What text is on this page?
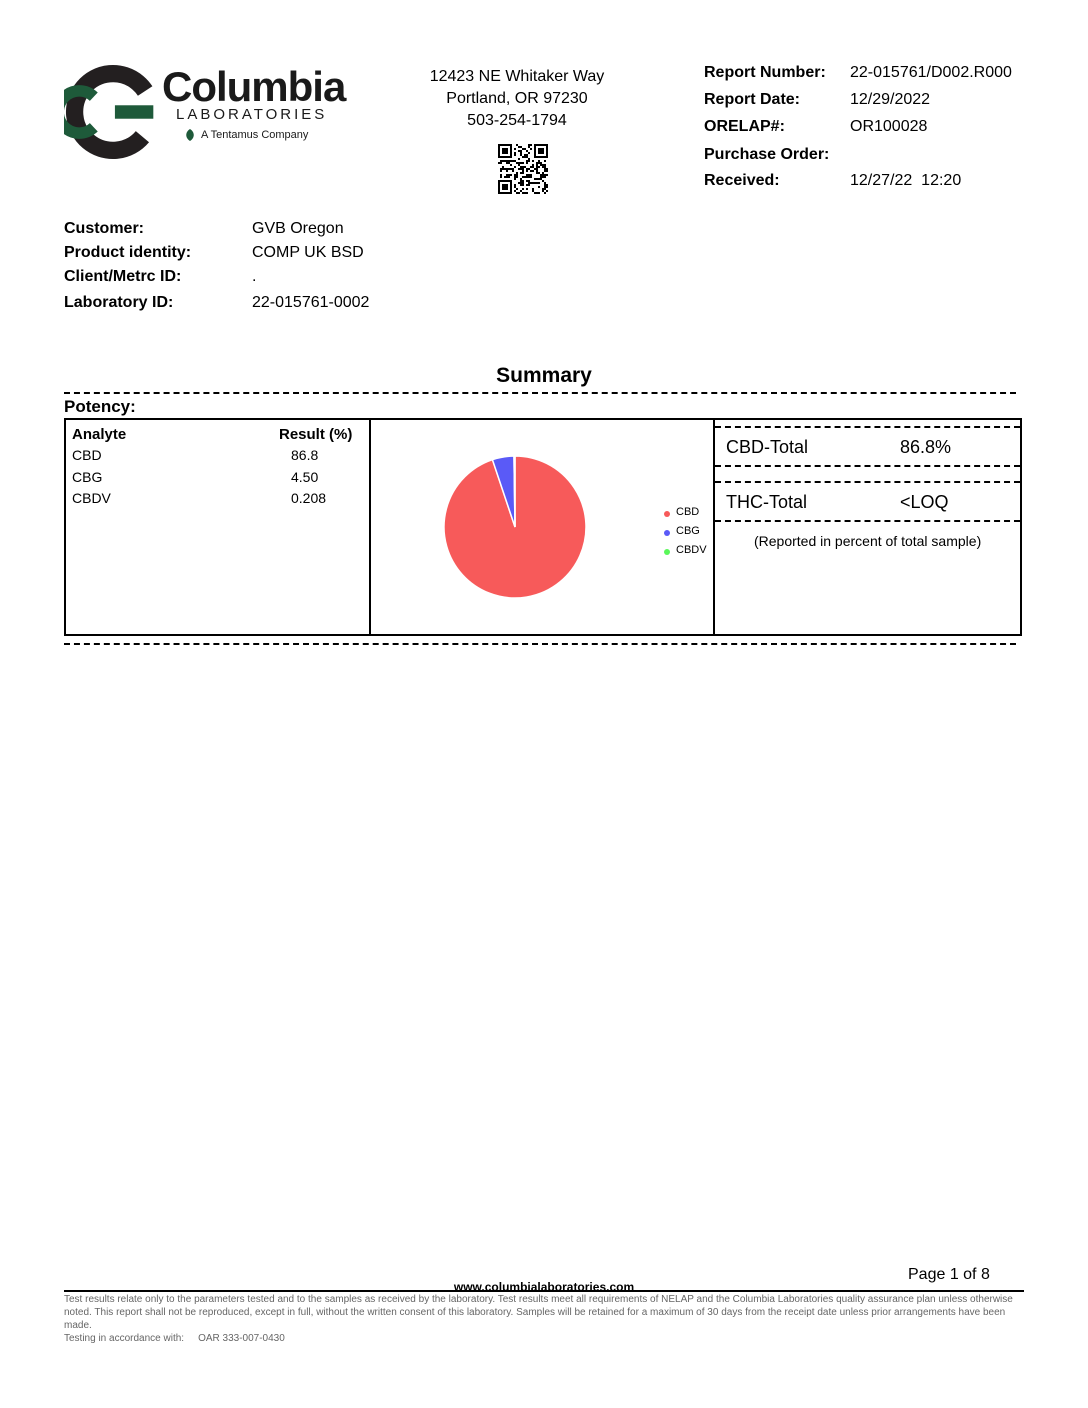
Columbia
LABORATORIES
A Tentamus Company
12423 NE Whitaker Way
Portland, OR 97230
503-254-1794
Report Number: 22-015761/D002.R000
Report Date:	12/29/2022
ORELAP#:	OR100028
Purchase Order:
Received:	12/27/22  12:20
Customer:	GVB Oregon
Product identity:	COMP UK BSD
Client/Metrc ID:	.
Laboratory ID:	22-015761-0002
Summary
Potency:
Analyte	Result (%)
CBD	86.8
CBG	4.50
CBDV	0.208
CBD
CBG
CBDV
CBD-Total	86.8%
THC-Total	<LOQ
(Reported in percent of total sample)
Page 1 of 8
www.columbialaboratories.com
Test results relate only to the parameters tested and to the samples as received by the laboratory. Test results meet all requirements of NELAP and the Columbia Laboratories quality assurance plan unless otherwise noted. This report shall not be reproduced, except in full, without the written consent of this laboratory. Samples will be retained for a maximum of 30 days from the receipt date unless prior arrangements have been made.
Testing in accordance with: OAR 333-007-0430
